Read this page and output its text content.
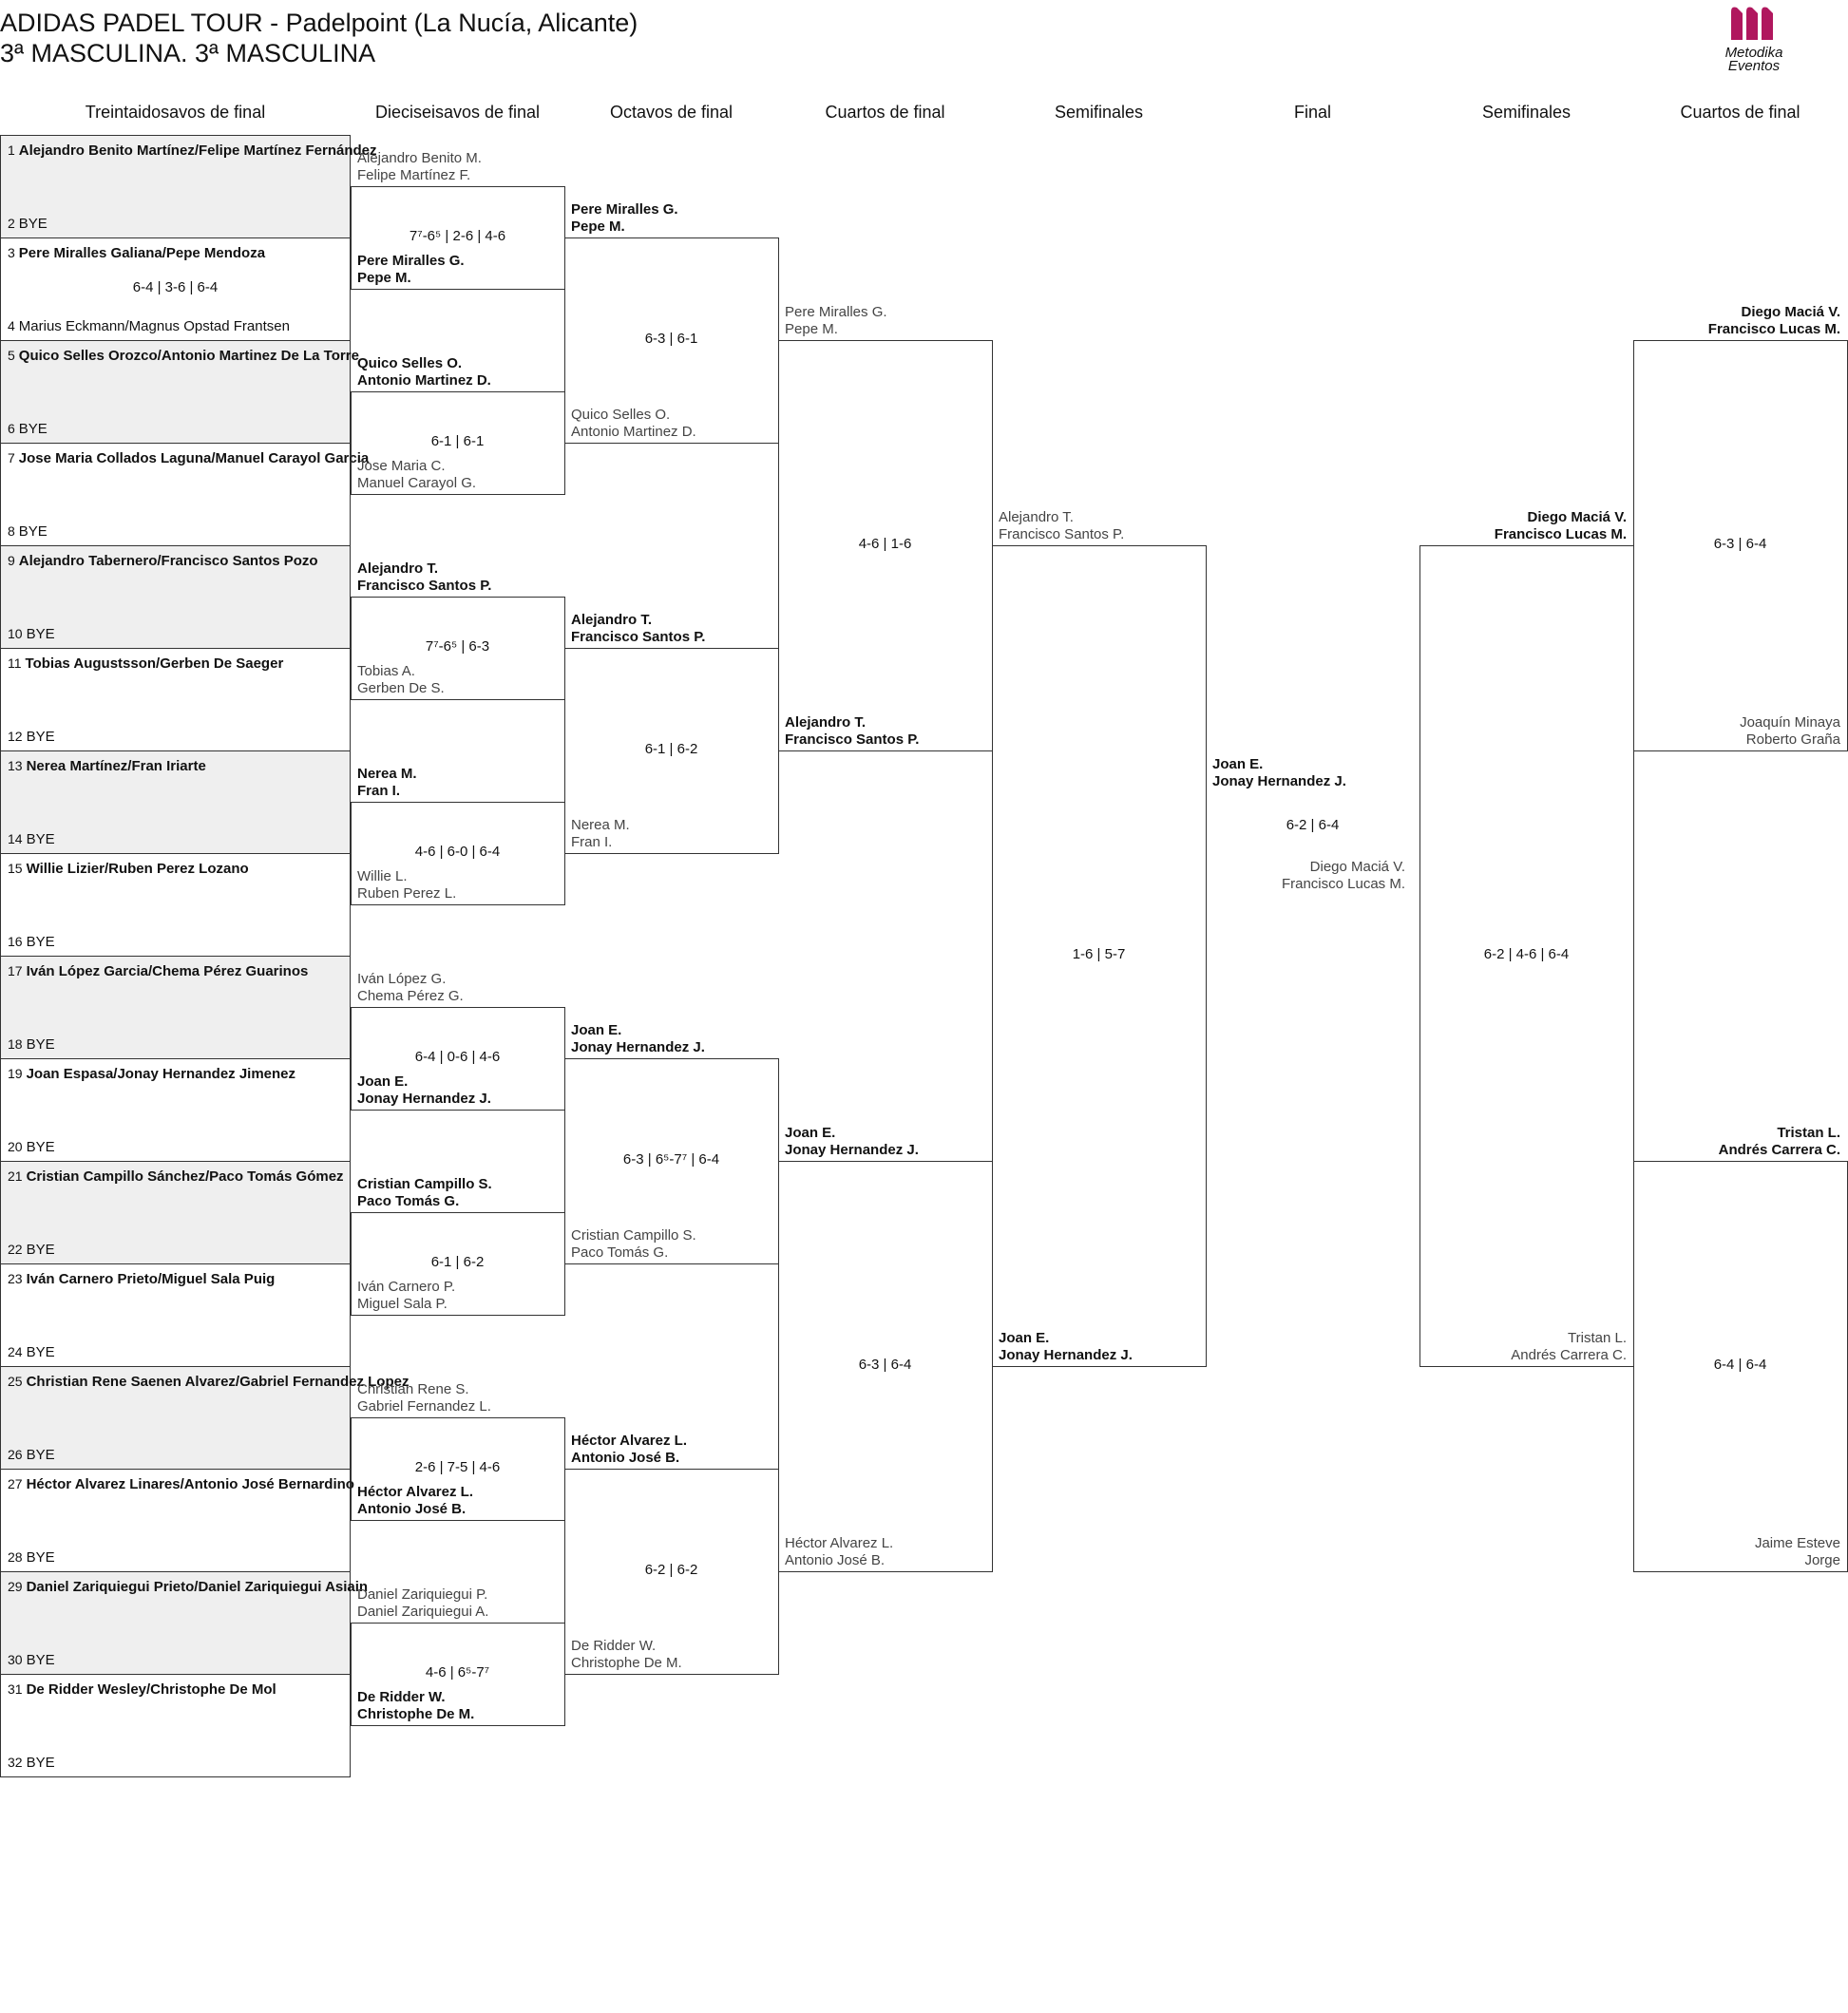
ADIDAS PADEL TOUR - Padelpoint (La Nucía, Alicante)
3ª MASCULINA. 3ª MASCULINA	Metodika
Eventos
Treintaidosavos de final	Dieciseisavos de final	Octavos de final	Cuartos de final	Semifinales	Final	Semifinales	Cuartos de final
1 Alejandro Benito Martínez/Felipe Martínez Fernández
2 BYE
3 Pere Miralles Galiana/Pepe Mendoza
4 Marius Eckmann/Magnus Opstad Frantsen
6-4 | 3-6 | 6-4
5 Quico Selles Orozco/Antonio Martinez De La Torre
6 BYE
7 Jose Maria Collados Laguna/Manuel Carayol Garcia
8 BYE
9 Alejandro Tabernero/Francisco Santos Pozo
10 BYE
11 Tobias Augustsson/Gerben De Saeger
12 BYE
13 Nerea Martínez/Fran Iriarte
14 BYE
15 Willie Lizier/Ruben Perez Lozano
16 BYE
17 Iván López Garcia/Chema Pérez Guarinos
18 BYE
19 Joan Espasa/Jonay Hernandez Jimenez
20 BYE
21 Cristian Campillo Sánchez/Paco Tomás Gómez
22 BYE
23 Iván Carnero Prieto/Miguel Sala Puig
24 BYE
25 Christian Rene Saenen Alvarez/Gabriel Fernandez Lopez
26 BYE
27 Héctor Alvarez Linares/Antonio José Bernardino
28 BYE
29 Daniel Zariquiegui Prieto/Daniel Zariquiegui Asiain
30 BYE
31 De Ridder Wesley/Christophe De Mol
32 BYE
Alejandro Benito M.
Felipe Martínez F.
Pere Miralles G.
Pepe M.
7⁷-6⁵ | 2-6 | 4-6
Quico Selles O.
Antonio Martinez D.
Jose Maria C.
Manuel Carayol G.
6-1 | 6-1
Alejandro T.
Francisco Santos P.
Tobias A.
Gerben De S.
7⁷-6⁵ | 6-3
Nerea M.
Fran I.
Willie L.
Ruben Perez L.
4-6 | 6-0 | 6-4
Iván López G.
Chema Pérez G.
Joan E.
Jonay Hernandez J.
6-4 | 0-6 | 4-6
Cristian Campillo S.
Paco Tomás G.
Iván Carnero P.
Miguel Sala P.
6-1 | 6-2
Christian Rene S.
Gabriel Fernandez L.
Héctor Alvarez L.
Antonio José B.
2-6 | 7-5 | 4-6
Daniel Zariquiegui P.
Daniel Zariquiegui A.
De Ridder W.
Christophe De M.
4-6 | 6⁵-7⁷
Pere Miralles G.
Pepe M.
Quico Selles O.
Antonio Martinez D.
6-3 | 6-1
Alejandro T.
Francisco Santos P.
Nerea M.
Fran I.
6-1 | 6-2
Joan E.
Jonay Hernandez J.
Cristian Campillo S.
Paco Tomás G.
6-3 | 6⁵-7⁷ | 6-4
Héctor Alvarez L.
Antonio José B.
De Ridder W.
Christophe De M.
6-2 | 6-2
Pere Miralles G.
Pepe M.
Alejandro T.
Francisco Santos P.
4-6 | 1-6
Joan E.
Jonay Hernandez J.
Héctor Alvarez L.
Antonio José B.
6-3 | 6-4
Alejandro T.
Francisco Santos P.
Joan E.
Jonay Hernandez J.
1-6 | 5-7
Joan E.
Jonay Hernandez J.
6-2 | 6-4
Diego Maciá V.
Francisco Lucas M.
Diego Maciá V.
Francisco Lucas M.
Tristan L.
Andrés Carrera C.
6-2 | 4-6 | 6-4
Diego Maciá V.
Francisco Lucas M.
Joaquín Minaya
Roberto Graña
6-3 | 6-4
Tristan L.
Andrés Carrera C.
Jaime Esteve
Jorge
6-4 | 6-4
